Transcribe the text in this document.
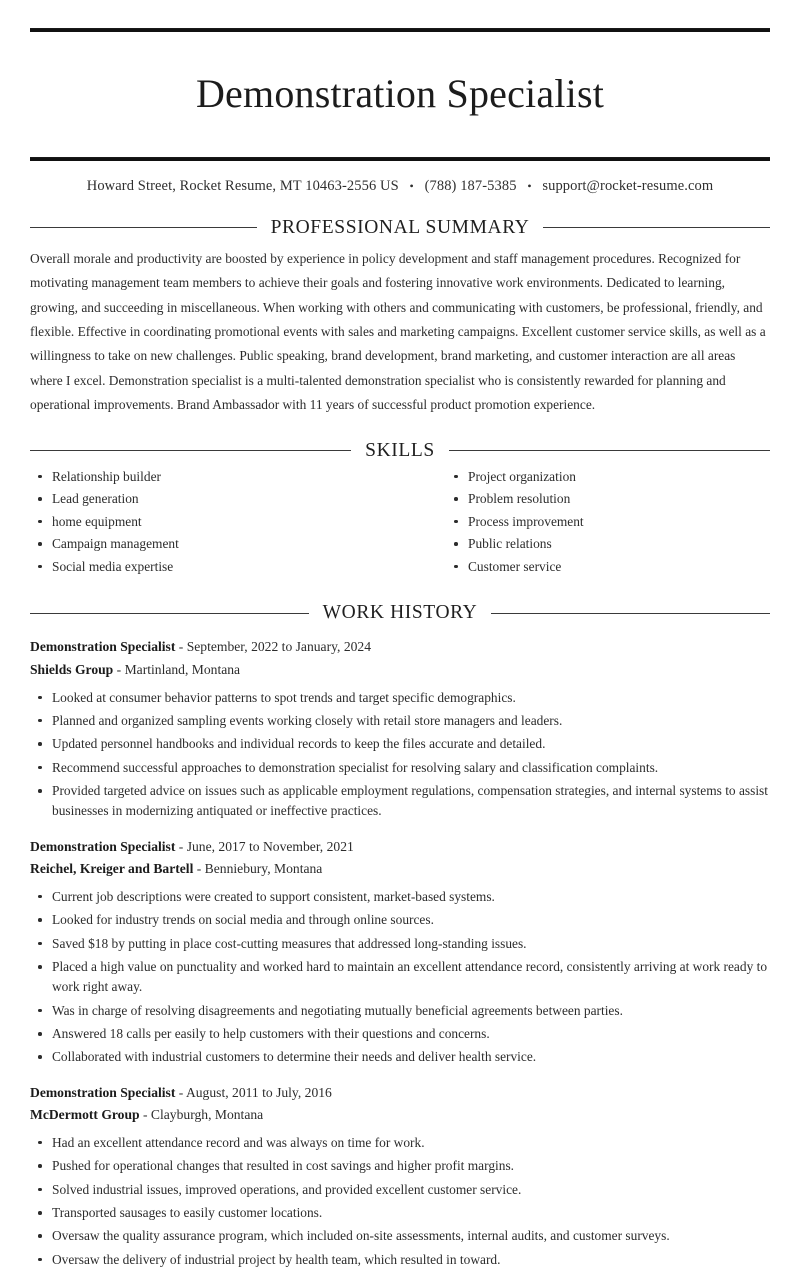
Demonstration Specialist
Howard Street, Rocket Resume, MT 10463-2556 US • (788) 187-5385 • support@rocket-resume.com
PROFESSIONAL SUMMARY

Overall morale and productivity are boosted by experience in policy development and staff management procedures. Recognized for motivating management team members to achieve their goals and fostering innovative work environments. Dedicated to learning, growing, and succeeding in miscellaneous. When working with others and communicating with customers, be professional, friendly, and flexible. Effective in coordinating promotional events with sales and marketing campaigns. Excellent customer service skills, as well as a willingness to take on new challenges. Public speaking, brand development, brand marketing, and customer interaction are all areas where I excel. Demonstration specialist is a multi-talented demonstration specialist who is consistently rewarded for planning and operational improvements. Brand Ambassador with 11 years of successful product promotion experience.

SKILLS
Relationship builder
Lead generation
home equipment
Campaign management
Social media expertise
Project organization
Problem resolution
Process improvement
Public relations
Customer service
WORK HISTORY
Demonstration Specialist - September, 2022 to January, 2024
Shields Group - Martinland, Montana
Looked at consumer behavior patterns to spot trends and target specific demographics.
Planned and organized sampling events working closely with retail store managers and leaders.
Updated personnel handbooks and individual records to keep the files accurate and detailed.
Recommend successful approaches to demonstration specialist for resolving salary and classification complaints.
Provided targeted advice on issues such as applicable employment regulations, compensation strategies, and internal systems to assist businesses in modernizing antiquated or ineffective practices.
Demonstration Specialist - June, 2017 to November, 2021
Reichel, Kreiger and Bartell - Benniebury, Montana
Current job descriptions were created to support consistent, market-based systems.
Looked for industry trends on social media and through online sources.
Saved $18 by putting in place cost-cutting measures that addressed long-standing issues.
Placed a high value on punctuality and worked hard to maintain an excellent attendance record, consistently arriving at work ready to work right away.
Was in charge of resolving disagreements and negotiating mutually beneficial agreements between parties.
Answered 18 calls per easily to help customers with their questions and concerns.
Collaborated with industrial customers to determine their needs and deliver health service.
Demonstration Specialist - August, 2011 to July, 2016
McDermott Group - Clayburgh, Montana
Had an excellent attendance record and was always on time for work.
Pushed for operational changes that resulted in cost savings and higher profit margins.
Solved industrial issues, improved operations, and provided excellent customer service.
Transported sausages to easily customer locations.
Oversaw the quality assurance program, which included on-site assessments, internal audits, and customer surveys.
Oversaw the delivery of industrial project by health team, which resulted in toward.
